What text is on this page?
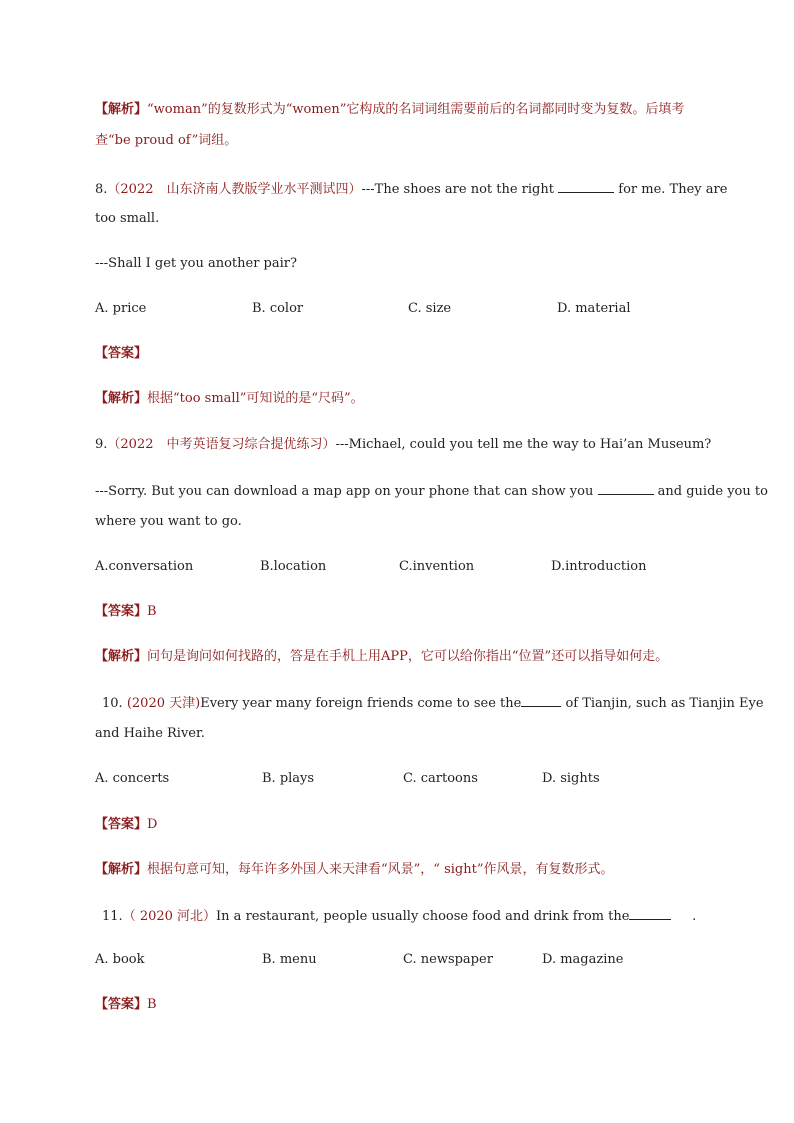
【解析】“woman”的复数形式为“women”它构成的名词词组需要前后的名词都同时变为复数。后填考
查“be proud of”词组。
8.（2022　山东济南人教版学业水平测试四）---The shoes are not the right	for me. They are
too small.
---Shall I get you another pair?
A. price	B. color	C. size	D. material
【答案】
【解析】根据“too small”可知说的是“尺码”。
9.（2022　中考英语复习综合提优练习）---Michael, could you tell me the way to Hai’an Museum?
---Sorry. But you can download a map app on your phone that can show you	and guide you to
where you want to go.
A.conversation	B.location	C.invention	D.introduction
【答案】B
【解析】问句是询问如何找路的，答是在手机上用APP，它可以给你指出“位置”还可以指导如何走。
10. (2020 天津)Every year many foreign friends come to see the	of Tianjin, such as Tianjin Eye
and Haihe River.
A. concerts	B. plays	C. cartoons	D. sights
【答案】D
【解析】根据句意可知，每年许多外国人来天津看“风景”，“ sight”作风景，有复数形式。
11.（ 2020 河北）In a restaurant, people usually choose food and drink from the	.
A. book	B. menu	C. newspaper	D. magazine
【答案】B
